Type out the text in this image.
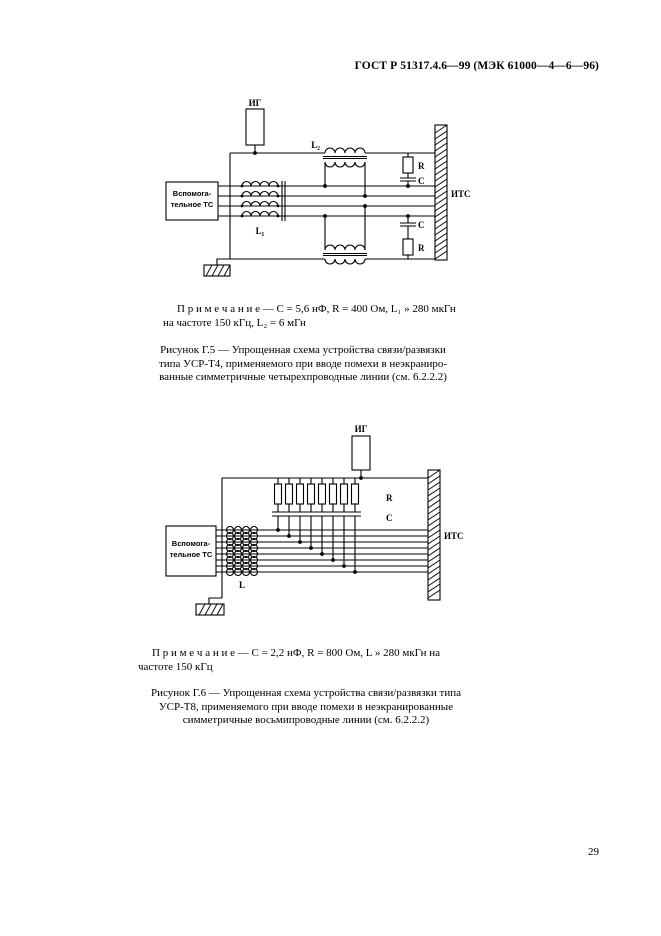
ГОСТ Р 51317.4.6—99 (МЭК 61000—4—6—96)
ИГ
Вспомога-
тельное ТС
ИТС
L₂
L₁
R
C
C
R
П р и м е ч а н и е — С = 5,6 нФ, R = 400 Ом, L₁ » 280 мкГн
на частоте 150 кГц, L₂ = 6 мГн
Рисунок Г.5 — Упрощенная схема устройства связи/развязки
типа УСР-Т4, применяемого при вводе помехи в неэкраниро-
ванные симметричные четырехпроводные линии (см. 6.2.2.2)
ИГ
Вспомога-
тельное ТС
ИТС
R
C
L
П р и м е ч а н и е — С = 2,2 нФ, R = 800 Ом, L » 280 мкГн на
частоте 150 кГц
Рисунок Г.6 — Упрощенная схема устройства связи/развязки типа
УСР-Т8, применяемого при вводе помехи в неэкранированные
симметричные восьмипроводные линии (см. 6.2.2.2)
29
